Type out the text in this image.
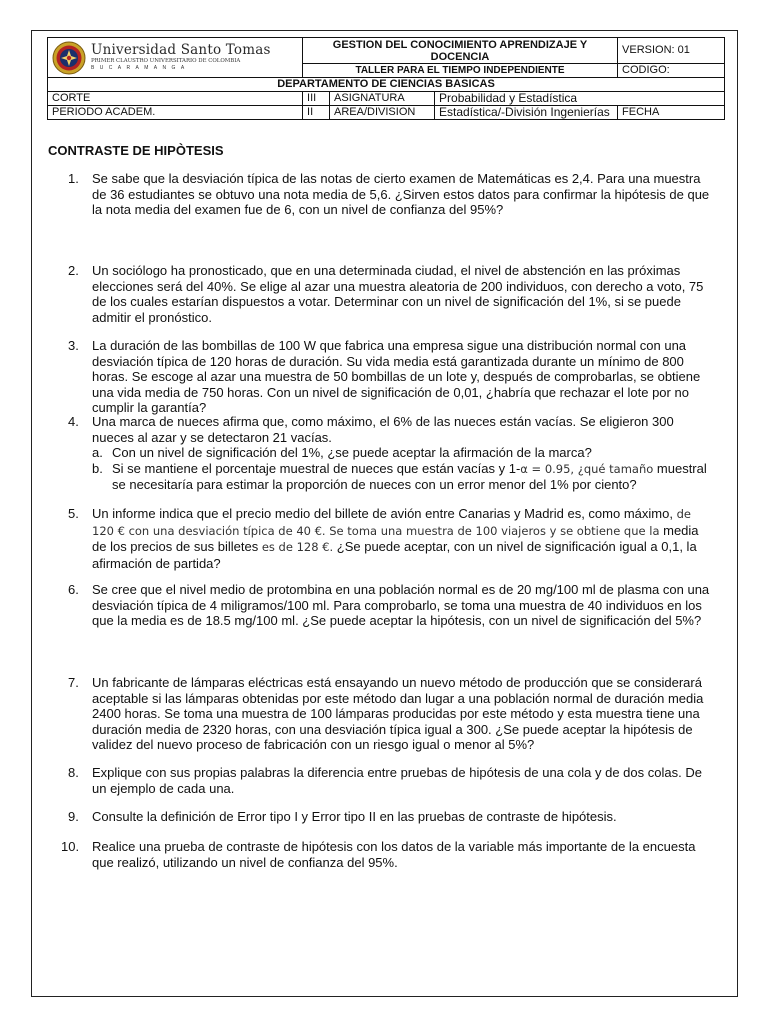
Universidad Santo Tomas
PRIMER CLAUSTRO UNIVERSITARIO DE COLOMBIA
BUCARAMANGA	GESTION DEL CONOCIMIENTO APRENDIZAJE Y DOCENCIA			VERSION: 01
	TALLER PARA EL TIEMPO INDEPENDIENTE			CODIGO:
DEPARTAMENTO DE CIENCIAS BASICAS				
CORTE	III	ASIGNATURA	Probabilidad y Estadística	
PERIODO ACADEM.	II	AREA/DIVISION	Estadística/-División Ingenierías	FECHA
CONTRASTE DE HIPÒTESIS
1. Se sabe que la desviación típica de las notas de cierto examen de Matemáticas es 2,4. Para una muestra de 36 estudiantes se obtuvo una nota media de 5,6. ¿Sirven estos datos para confirmar la hipótesis de que la nota media del examen fue de 6, con un nivel de confianza del 95%?
2. Un sociólogo ha pronosticado, que en una determinada ciudad, el nivel de abstención en las próximas elecciones será del 40%. Se elige al azar una muestra aleatoria de 200 individuos, con derecho a voto, 75 de los cuales estarían dispuestos a votar. Determinar con un nivel de significación del 1%, si se puede admitir el pronóstico.
3. La duración de las bombillas de 100 W que fabrica una empresa sigue una distribución normal con una desviación típica de 120 horas de duración. Su vida media está garantizada durante un mínimo de 800 horas. Se escoge al azar una muestra de 50 bombillas de un lote y, después de comprobarlas, se obtiene una vida media de 750 horas. Con un nivel de significación de 0,01, ¿habría que rechazar el lote por no cumplir la garantía?
4. Una marca de nueces afirma que, como máximo, el 6% de las nueces están vacías. Se eligieron 300 nueces al azar y se detectaron 21 vacías.
a. Con un nivel de significación del 1%, ¿se puede aceptar la afirmación de la marca?
b. Si se mantiene el porcentaje muestral de nueces que están vacías y 1-α = 0.95, ¿qué tamaño muestral se necesitaría para estimar la proporción de nueces con un error menor del 1% por ciento?
5. Un informe indica que el precio medio del billete de avión entre Canarias y Madrid es, como máximo, de 120 € con una desviación típica de 40 €. Se toma una muestra de 100 viajeros y se obtiene que la media de los precios de sus billetes es de 128 €. ¿Se puede aceptar, con un nivel de significación igual a 0,1, la afirmación de partida?
6. Se cree que el nivel medio de protombina en una población normal es de 20 mg/100 ml de plasma con una desviación típica de 4 miligramos/100 ml. Para comprobarlo, se toma una muestra de 40 individuos en los que la media es de 18.5 mg/100 ml. ¿Se puede aceptar la hipótesis, con un nivel de significación del 5%?
7. Un fabricante de lámparas eléctricas está ensayando un nuevo método de producción que se considerará aceptable si las lámparas obtenidas por este método dan lugar a una población normal de duración media 2400 horas. Se toma una muestra de 100 lámparas producidas por este método y esta muestra tiene una duración media de 2320 horas, con una desviación típica igual a 300. ¿Se puede aceptar la hipótesis de validez del nuevo proceso de fabricación con un riesgo igual o menor al 5%?
8. Explique con sus propias palabras la diferencia entre pruebas de hipótesis de una cola y de dos colas. De un ejemplo de cada una.
9. Consulte la definición de Error tipo I y Error tipo II en las pruebas de contraste de hipótesis.
10. Realice una prueba de contraste de hipótesis con los datos de la variable más importante de la encuesta que realizó, utilizando un nivel de confianza del 95%.
